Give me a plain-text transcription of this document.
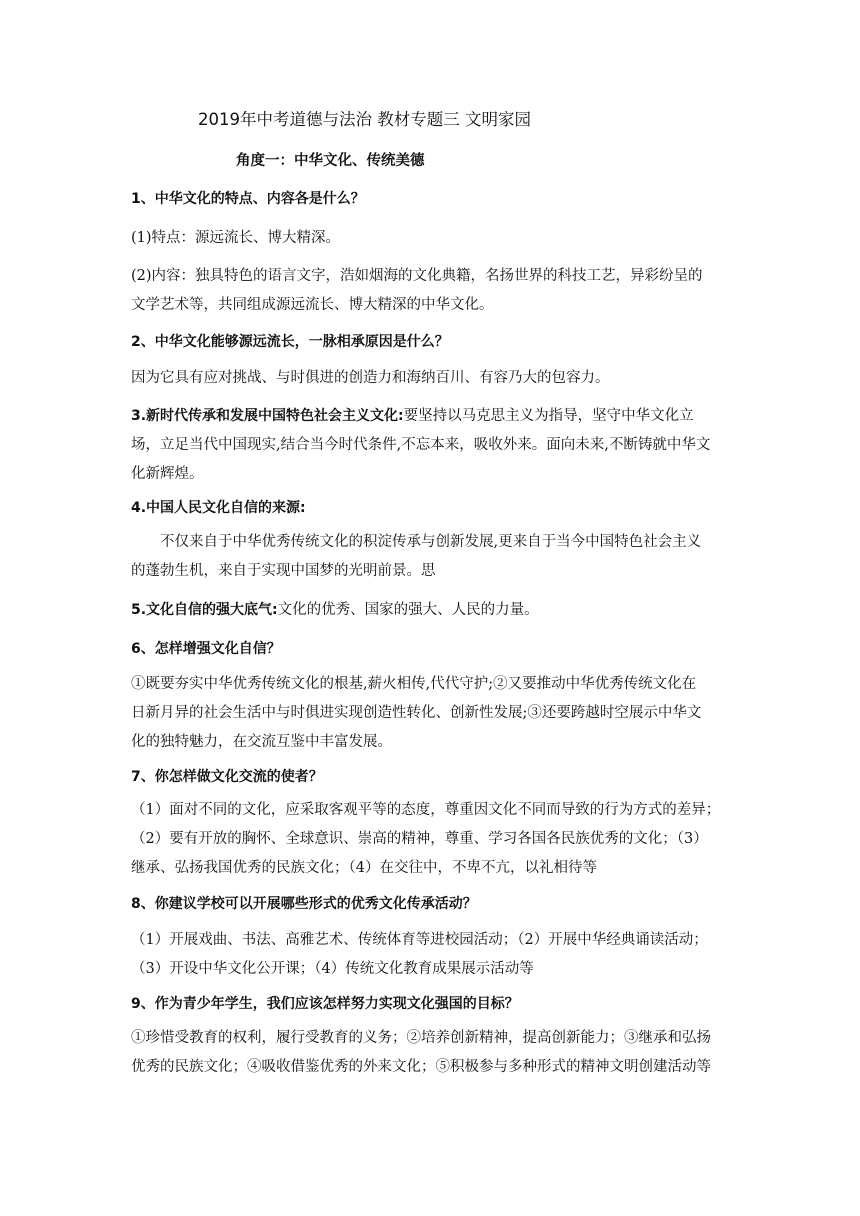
2019年中考道德与法治 教材专题三 文明家园
角度一：中华文化、传统美德
1、中华文化的特点、内容各是什么？
(1)特点：源远流长、博大精深。
(2)内容：独具特色的语言文字，浩如烟海的文化典籍，名扬世界的科技工艺，异彩纷呈的
文学艺术等，共同组成源远流长、博大精深的中华文化。
2、中华文化能够源远流长，一脉相承原因是什么？
因为它具有应对挑战、与时俱进的创造力和海纳百川、有容乃大的包容力。
3.新时代传承和发展中国特色社会主义文化:要坚持以马克思主义为指导，坚守中华文化立
场，立足当代中国现实,结合当今时代条件,不忘本来，吸收外来。面向未来,不断铸就中华文
化新辉煌。
4.中国人民文化自信的来源:
不仅来自于中华优秀传统文化的积淀传承与创新发展,更来自于当今中国特色社会主义
的蓬勃生机，来自于实现中国梦的光明前景。思
5.文化自信的强大底气:文化的优秀、国家的强大、人民的力量。
6、怎样增强文化自信？
①既要夯实中华优秀传统文化的根基,薪火相传,代代守护;②又要推动中华优秀传统文化在
日新月异的社会生活中与时俱进实现创造性转化、创新性发展;③还要跨越时空展示中华文
化的独特魅力，在交流互鉴中丰富发展。
7、你怎样做文化交流的使者？
（1）面对不同的文化，应采取客观平等的态度，尊重因文化不同而导致的行为方式的差异；
（2）要有开放的胸怀、全球意识、崇高的精神，尊重、学习各国各民族优秀的文化；（3）
继承、弘扬我国优秀的民族文化；（4）在交往中，不卑不亢，以礼相待等
8、你建议学校可以开展哪些形式的优秀文化传承活动？
（1）开展戏曲、书法、高雅艺术、传统体育等进校园活动；（2）开展中华经典诵读活动；
（3）开设中华文化公开课；（4）传统文化教育成果展示活动等
9、作为青少年学生，我们应该怎样努力实现文化强国的目标？
①珍惜受教育的权利，履行受教育的义务；②培养创新精神，提高创新能力；③继承和弘扬
优秀的民族文化；④吸收借鉴优秀的外来文化；⑤积极参与多种形式的精神文明创建活动等
